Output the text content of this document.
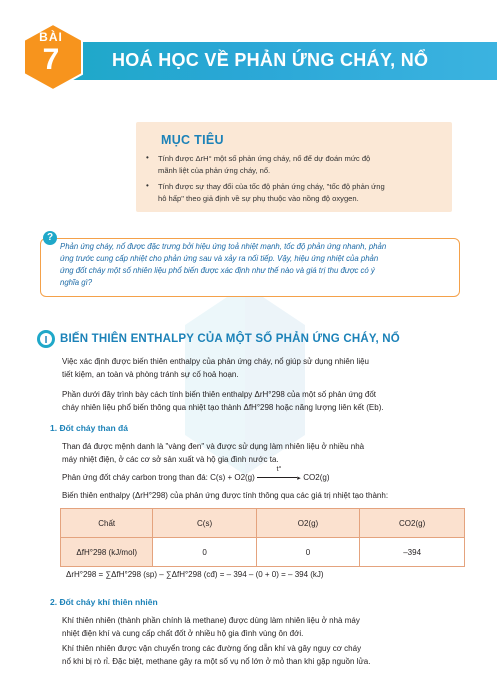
BÀI
7	HOÁ HỌC VỀ PHẢN ỨNG CHÁY, NỔ
MỤC TIÊU
• Tính được ΔrH° một số phản ứng cháy, nổ để dự đoán mức độ
mãnh liệt của phản ứng cháy, nổ.
• Tính được sự thay đổi của tốc độ phản ứng cháy, "tốc độ phản ứng
hô hấp" theo giả định về sự phụ thuộc vào nồng độ oxygen.
?
Phản ứng cháy, nổ được đặc trưng bởi hiệu ứng toả nhiệt mạnh, tốc độ phản ứng nhanh, phản
ứng trước cung cấp nhiệt cho phản ứng sau và xảy ra nối tiếp. Vậy, hiệu ứng nhiệt của phản
ứng đốt cháy một số nhiên liệu phổ biến được xác định như thế nào và giá trị thu được có ý
nghĩa gì?
I BIẾN THIÊN ENTHALPY CỦA MỘT SỐ PHẢN ỨNG CHÁY, NỔ
Việc xác định được biến thiên enthalpy của phản ứng cháy, nổ giúp sử dụng nhiên liệu
tiết kiệm, an toàn và phòng tránh sự cố hoả hoạn.
Phần dưới đây trình bày cách tính biến thiên enthalpy ΔrH°298 của một số phản ứng đốt
cháy nhiên liệu phổ biến thông qua nhiệt tạo thành ΔfH°298 hoặc năng lượng liên kết (Eb).
1. Đốt cháy than đá
Than đá được mệnh danh là "vàng đen" và được sử dụng làm nhiên liệu ở nhiều nhà
máy nhiệt điện, ở các cơ sở sản xuất và hộ gia đình nước ta.
Phản ứng đốt cháy carbon trong than đá: C(s) + O2(g)
t°
▸ CO2(g)
Biến thiên enthalpy (ΔrH°298) của phản ứng được tính thông qua các giá trị nhiệt tạo thành:
Chất	C(s)	O2(g)	CO2(g)
ΔfH°298 (kJ/mol)	0	0	–394
ΔrH°298 = ∑ΔfH°298 (sp) – ∑ΔfH°298 (cđ) = – 394 – (0 + 0) = – 394 (kJ)
2. Đốt cháy khí thiên nhiên
Khí thiên nhiên (thành phần chính là methane) được dùng làm nhiên liệu ở nhà máy
nhiệt điện khí và cung cấp chất đốt ở nhiều hộ gia đình vùng ôn đới.
Khí thiên nhiên được vận chuyển trong các đường ống dẫn khí và gây nguy cơ cháy
nổ khi bị rò rỉ. Đặc biệt, methane gây ra một số vụ nổ lớn ở mỏ than khi gặp nguồn lửa.
